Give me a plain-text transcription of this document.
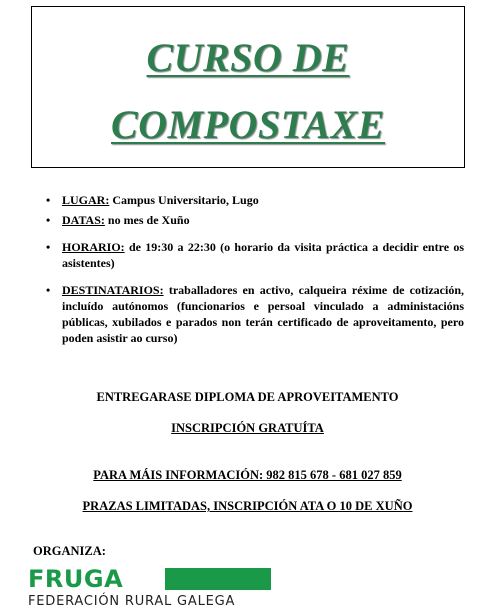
CURSO DE
COMPOSTAXE
• LUGAR: Campus Universitario, Lugo
• DATAS: no mes de Xuño
• HORARIO: de 19:30 a 22:30 (o horario da visita práctica a decidir entre os asistentes)
• DESTINATARIOS: traballadores en activo, calqueira réxime de cotización, incluído autónomos (funcionarios e persoal vinculado a administacións públicas, xubilados e parados non terán certificado de aproveitamento, pero poden asistir ao curso)
ENTREGARASE DIPLOMA DE APROVEITAMENTO
INSCRIPCIÓN GRATUÍTA
PARA MÁIS INFORMACIÓN: 982 815 678 - 681 027 859
PRAZAS LIMITADAS, INSCRIPCIÓN ATA O 10 DE XUÑO
ORGANIZA:
FRUGA
FEDERACIÓN RURAL GALEGA
